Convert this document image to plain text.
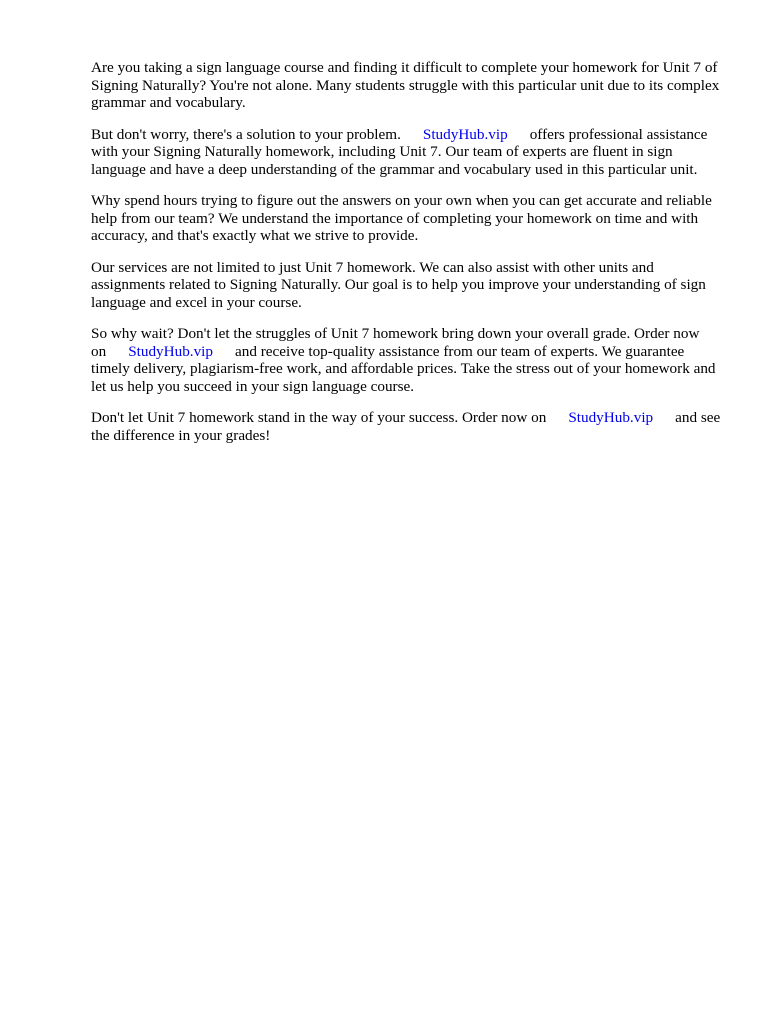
Are you taking a sign language course and finding it difficult to complete your homework for Unit 7 of Signing Naturally? You're not alone. Many students struggle with this particular unit due to its complex grammar and vocabulary.

But don't worry, there's a solution to your problem. StudyHub.vip offers professional assistance with your Signing Naturally homework, including Unit 7. Our team of experts are fluent in sign language and have a deep understanding of the grammar and vocabulary used in this particular unit.

Why spend hours trying to figure out the answers on your own when you can get accurate and reliable help from our team? We understand the importance of completing your homework on time and with accuracy, and that's exactly what we strive to provide.

Our services are not limited to just Unit 7 homework. We can also assist with other units and assignments related to Signing Naturally. Our goal is to help you improve your understanding of sign language and excel in your course.

So why wait? Don't let the struggles of Unit 7 homework bring down your overall grade. Order now on StudyHub.vip and receive top-quality assistance from our team of experts. We guarantee timely delivery, plagiarism-free work, and affordable prices. Take the stress out of your homework and let us help you succeed in your sign language course.

Don't let Unit 7 homework stand in the way of your success. Order now on StudyHub.vip and see the difference in your grades!
